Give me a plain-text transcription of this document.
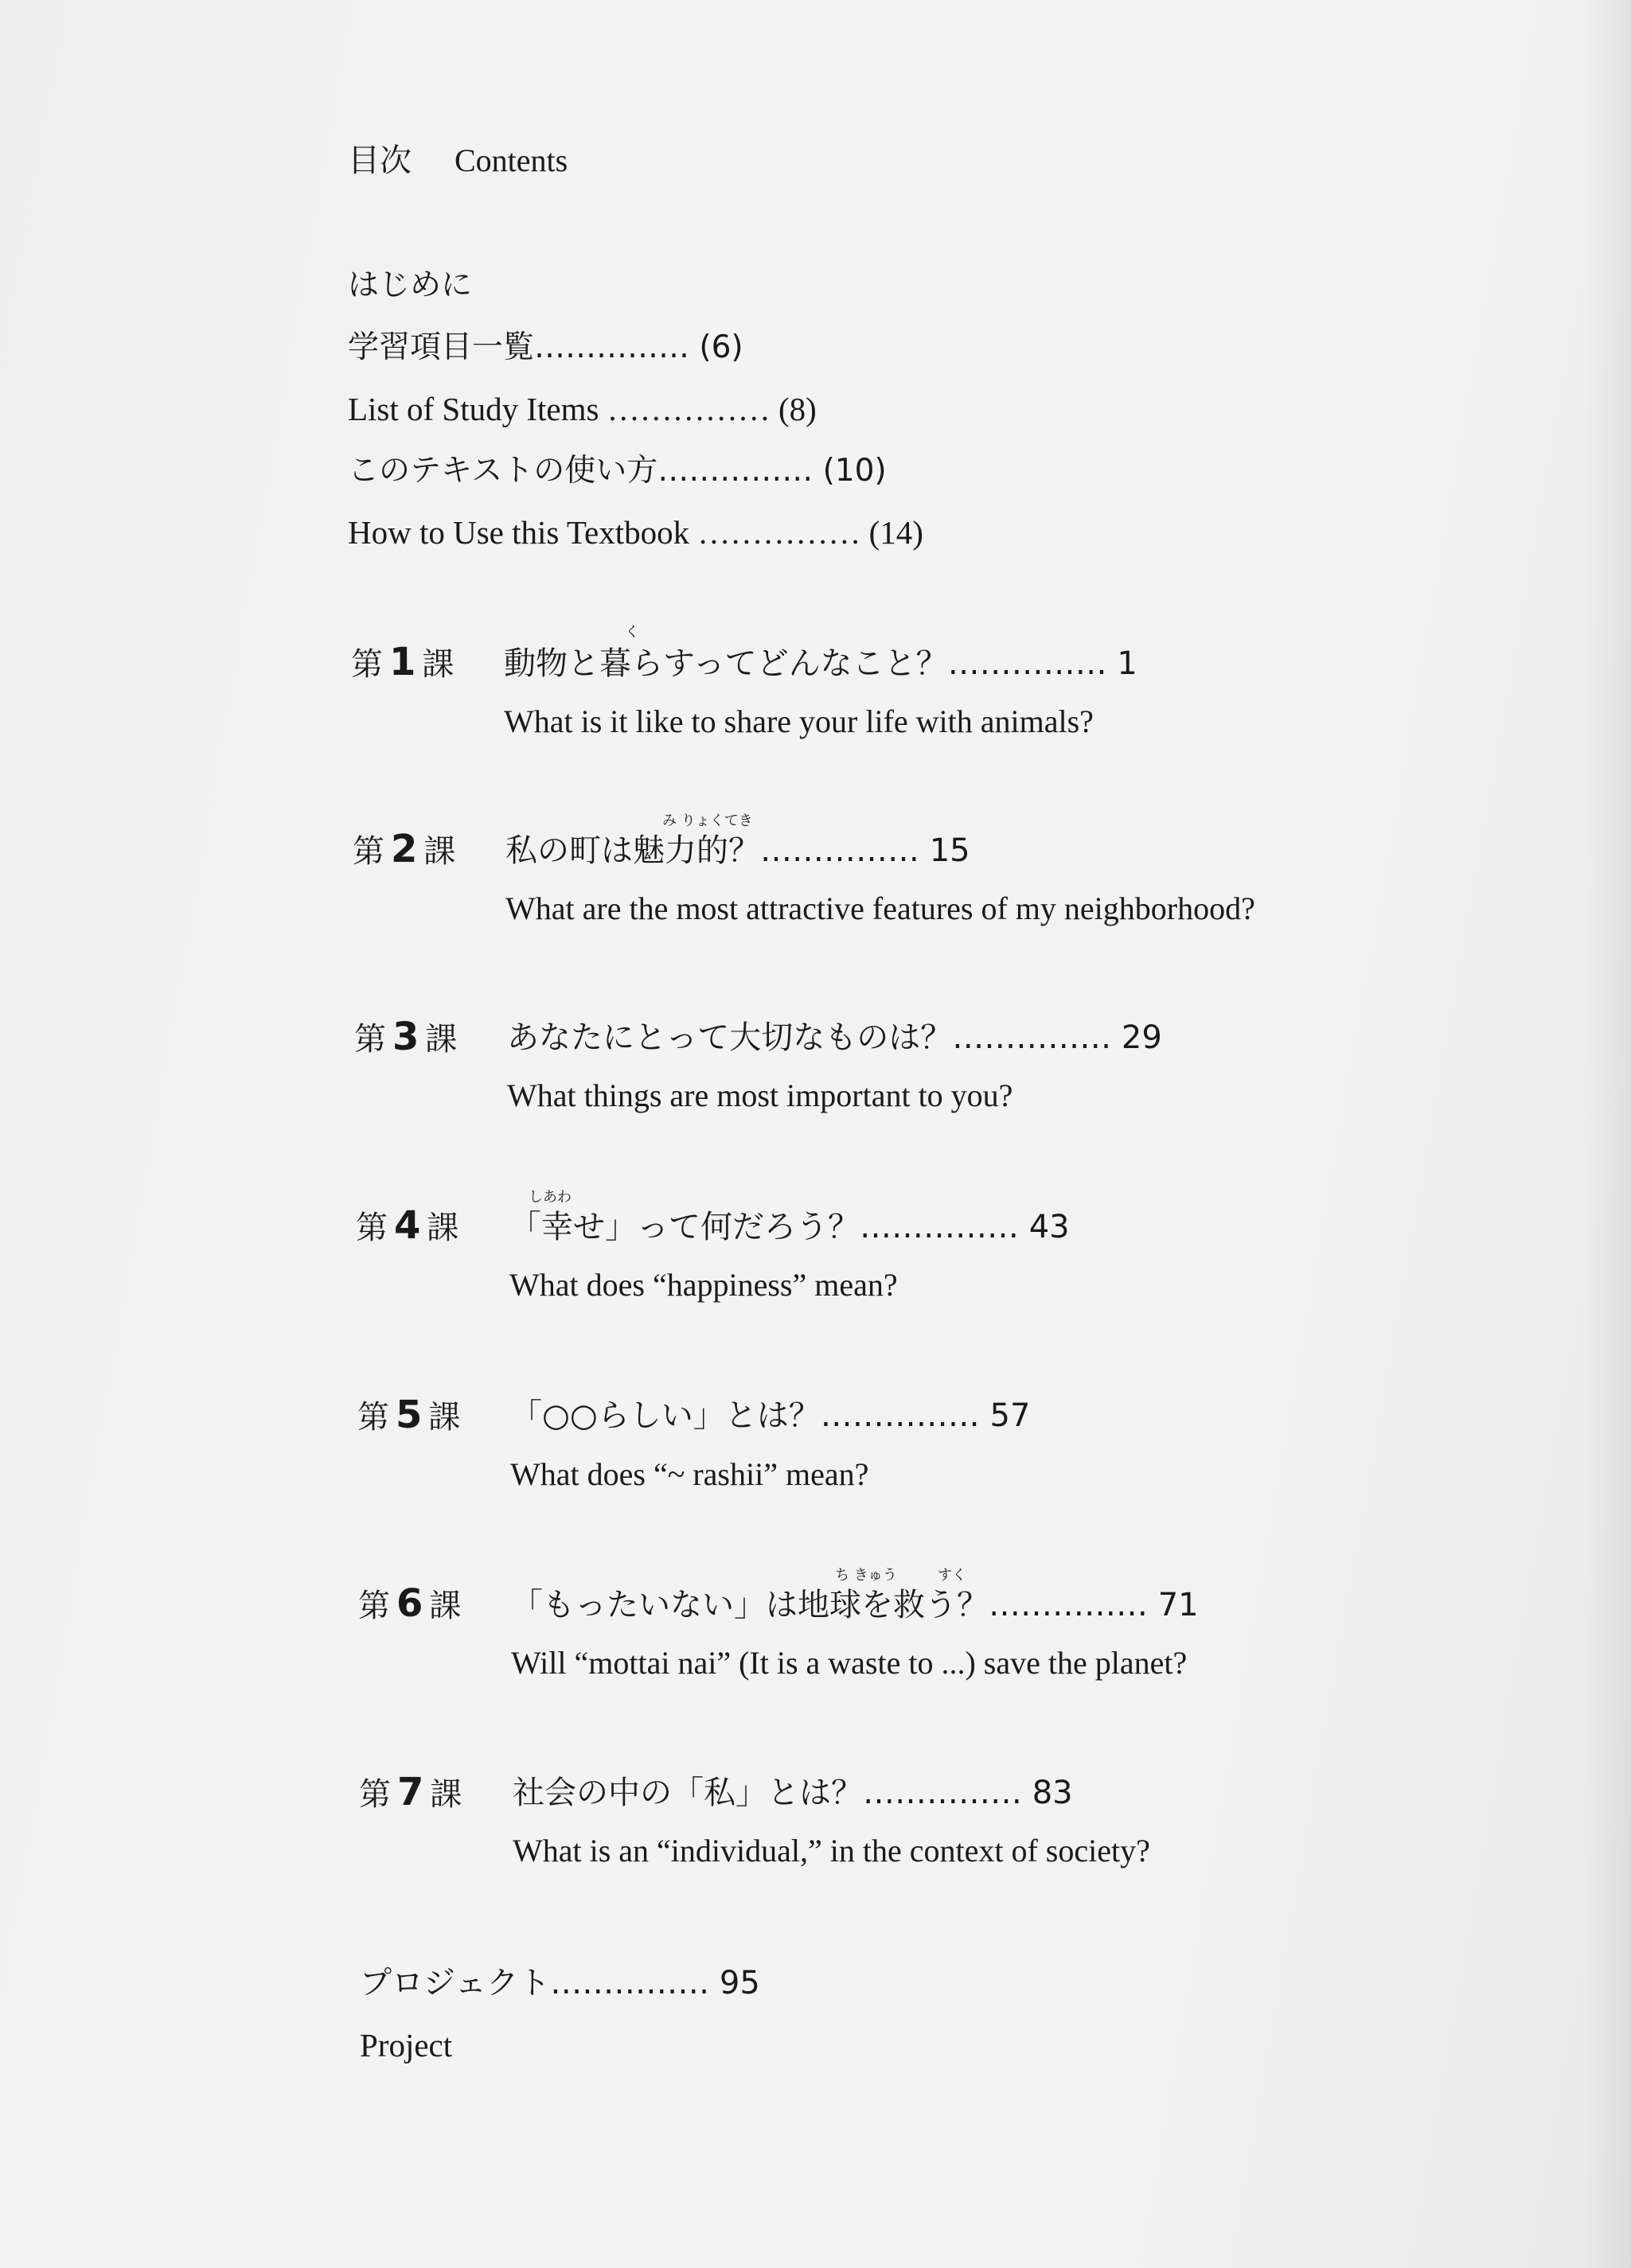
目次 Contents
はじめに
学習項目一覧…………… (6)
List of Study Items …………… (8)
このテキストの使い方…………… (10)
How to Use this Textbook …………… (14)
第 1 課
く
動物と暮らすってどんなこと？…………… 1
What is it like to share your life with animals?
第 2 課
み りょくてき
私の町は魅力的？…………… 15
What are the most attractive features of my neighborhood?
第 3 課 あなたにとって大切なものは？…………… 29
What things are most important to you?
第 4 課
しあわ
「幸せ」って何だろう？…………… 43
What does “happiness” mean?
第 5 課 「○○らしい」とは？…………… 57
What does “~ rashii” mean?
第 6 課
ち きゅう	すく
「もったいない」は地球を救う？…………… 71
Will “mottai nai” (It is a waste to ...) save the planet?
第 7 課 社会の中の「私」とは？…………… 83
What is an “individual,” in the context of society?
プロジェクト…………… 95
Project
